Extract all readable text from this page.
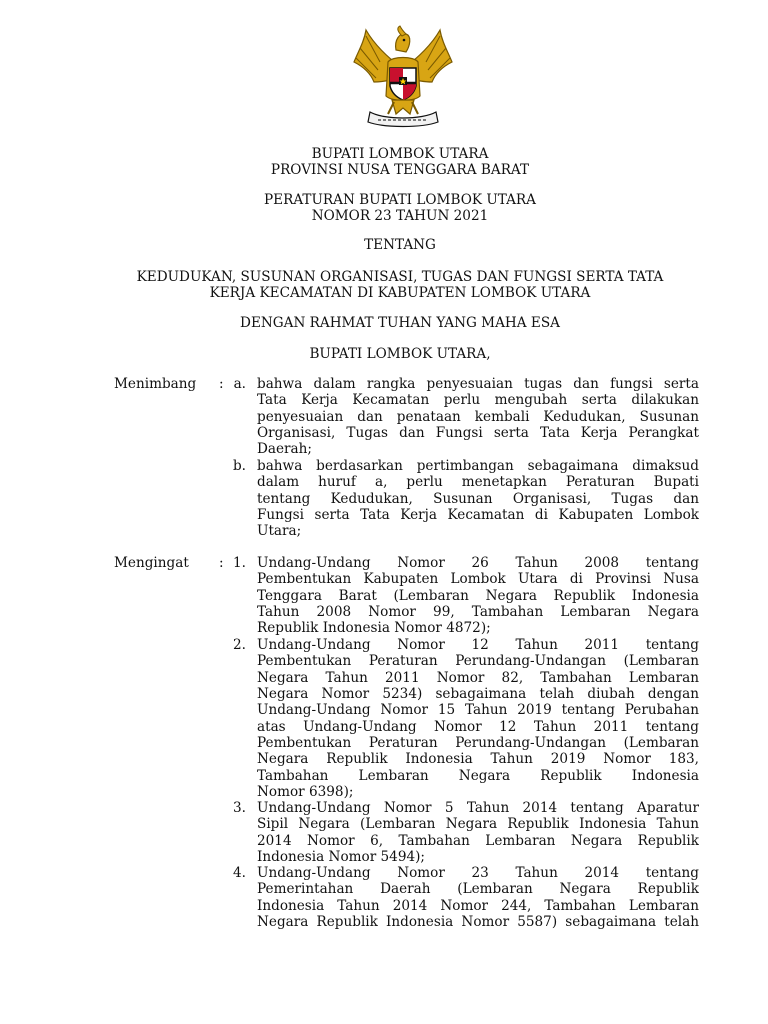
BUPATI LOMBOK UTARA
PROVINSI NUSA TENGGARA BARAT
PERATURAN BUPATI LOMBOK UTARA
NOMOR 23 TAHUN 2021
TENTANG
KEDUDUKAN, SUSUNAN ORGANISASI, TUGAS DAN FUNGSI SERTA TATA
KERJA KECAMATAN DI KABUPATEN LOMBOK UTARA
DENGAN RAHMAT TUHAN YANG MAHA ESA
BUPATI LOMBOK UTARA,
Menimbang : a. bahwa dalam rangka penyesuaian tugas dan fungsi serta
Tata Kerja Kecamatan perlu mengubah serta dilakukan
penyesuaian dan penataan kembali Kedudukan, Susunan
Organisasi, Tugas dan Fungsi serta Tata Kerja Perangkat
Daerah;
b. bahwa berdasarkan pertimbangan sebagaimana dimaksud
dalam huruf a, perlu menetapkan Peraturan Bupati
tentang Kedudukan, Susunan Organisasi, Tugas dan
Fungsi serta Tata Kerja Kecamatan di Kabupaten Lombok
Utara;
Mengingat : 1. Undang-Undang Nomor 26 Tahun 2008 tentang
Pembentukan Kabupaten Lombok Utara di Provinsi Nusa
Tenggara Barat (Lembaran Negara Republik Indonesia
Tahun 2008 Nomor 99, Tambahan Lembaran Negara
Republik Indonesia Nomor 4872);
2. Undang-Undang Nomor 12 Tahun 2011 tentang
Pembentukan Peraturan Perundang-Undangan (Lembaran
Negara Tahun 2011 Nomor 82, Tambahan Lembaran
Negara Nomor 5234) sebagaimana telah diubah dengan
Undang-Undang Nomor 15 Tahun 2019 tentang Perubahan
atas Undang-Undang Nomor 12 Tahun 2011 tentang
Pembentukan Peraturan Perundang-Undangan (Lembaran
Negara Republik Indonesia Tahun 2019 Nomor 183,
Tambahan Lembaran Negara Republik Indonesia
Nomor 6398);
3. Undang-Undang Nomor 5 Tahun 2014 tentang Aparatur
Sipil Negara (Lembaran Negara Republik Indonesia Tahun
2014 Nomor 6, Tambahan Lembaran Negara Republik
Indonesia Nomor 5494);
4. Undang-Undang Nomor 23 Tahun 2014 tentang
Pemerintahan Daerah (Lembaran Negara Republik
Indonesia Tahun 2014 Nomor 244, Tambahan Lembaran
Negara Republik Indonesia Nomor 5587) sebagaimana telah
